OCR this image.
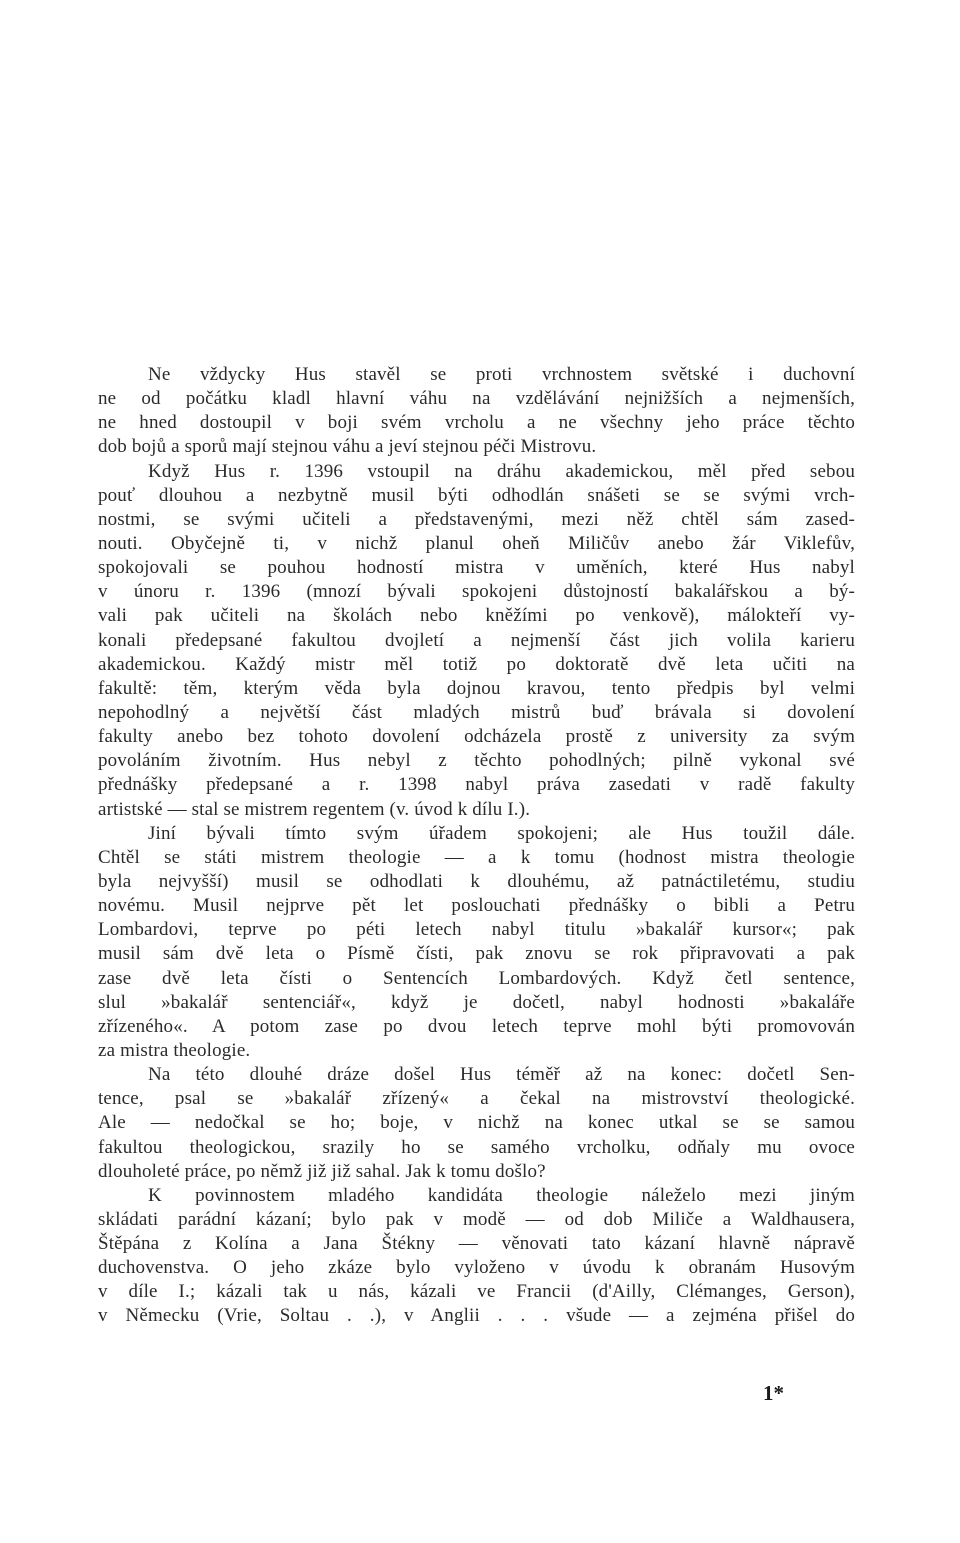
Ne vždycky Hus stavěl se proti vrchnostem světské i duchovní
ne od počátku kladl hlavní váhu na vzdělávání nejnižších a nejmenších,
ne hned dostoupil v boji svém vrcholu a ne všechny jeho práce těchto
dob bojů a sporů mají stejnou váhu a jeví stejnou péči Mistrovu.
Když Hus r. 1396 vstoupil na dráhu akademickou, měl před sebou
pouť dlouhou a nezbytně musil býti odhodlán snášeti se se svými vrch-
nostmi, se svými učiteli a představenými, mezi něž chtěl sám zased-
nouti. Obyčejně ti, v nichž planul oheň Miličův anebo žár Viklefův,
spokojovali se pouhou hodností mistra v uměních, které Hus nabyl
v únoru r. 1396 (mnozí bývali spokojeni důstojností bakalářskou a bý-
vali pak učiteli na školách nebo kněžími po venkově), málokteří vy-
konali předepsané fakultou dvojletí a nejmenší část jich volila karieru
akademickou. Každý mistr měl totiž po doktoratě dvě leta učiti na
fakultě: těm, kterým věda byla dojnou kravou, tento předpis byl velmi
nepohodlný a největší část mladých mistrů buď brávala si dovolení
fakulty anebo bez tohoto dovolení odcházela prostě z university za svým
povoláním životním. Hus nebyl z těchto pohodlných; pilně vykonal své
přednášky předepsané a r. 1398 nabyl práva zasedati v radě fakulty
artistské — stal se mistrem regentem (v. úvod k dílu I.).
Jiní bývali tímto svým úřadem spokojeni; ale Hus toužil dále.
Chtěl se státi mistrem theologie — a k tomu (hodnost mistra theologie
byla nejvyšší) musil se odhodlati k dlouhému, až patnáctiletému, studiu
novému. Musil nejprve pět let poslouchati přednášky o bibli a Petru
Lombardovi, teprve po péti letech nabyl titulu »bakalář kursor«; pak
musil sám dvě leta o Písmě čísti, pak znovu se rok připravovati a pak
zase dvě leta čísti o Sentencích Lombardových. Když četl sentence,
slul »bakalář sentenciář«, když je dočetl, nabyl hodnosti »bakaláře
zřízeného«. A potom zase po dvou letech teprve mohl býti promovován
za mistra theologie.
Na této dlouhé dráze došel Hus téměř až na konec: dočetl Sen-
tence, psal se »bakalář zřízený« a čekal na mistrovství theologické.
Ale — nedočkal se ho; boje, v nichž na konec utkal se se samou
fakultou theologickou, srazily ho se samého vrcholku, odňaly mu ovoce
dlouholeté práce, po němž již již sahal. Jak k tomu došlo?
K povinnostem mladého kandidáta theologie náleželo mezi jiným
skládati parádní kázaní; bylo pak v modě — od dob Miliče a Waldhausera,
Štěpána z Kolína a Jana Štékny — věnovati tato kázaní hlavně nápravě
duchovenstva. O jeho zkáze bylo vyloženo v úvodu k obranám Husovým
v díle I.; kázali tak u nás, kázali ve Francii (d'Ailly, Clémanges, Gerson),
v Německu (Vrie, Soltau . .), v Anglii . . . všude — a zejména přišel do
1*
